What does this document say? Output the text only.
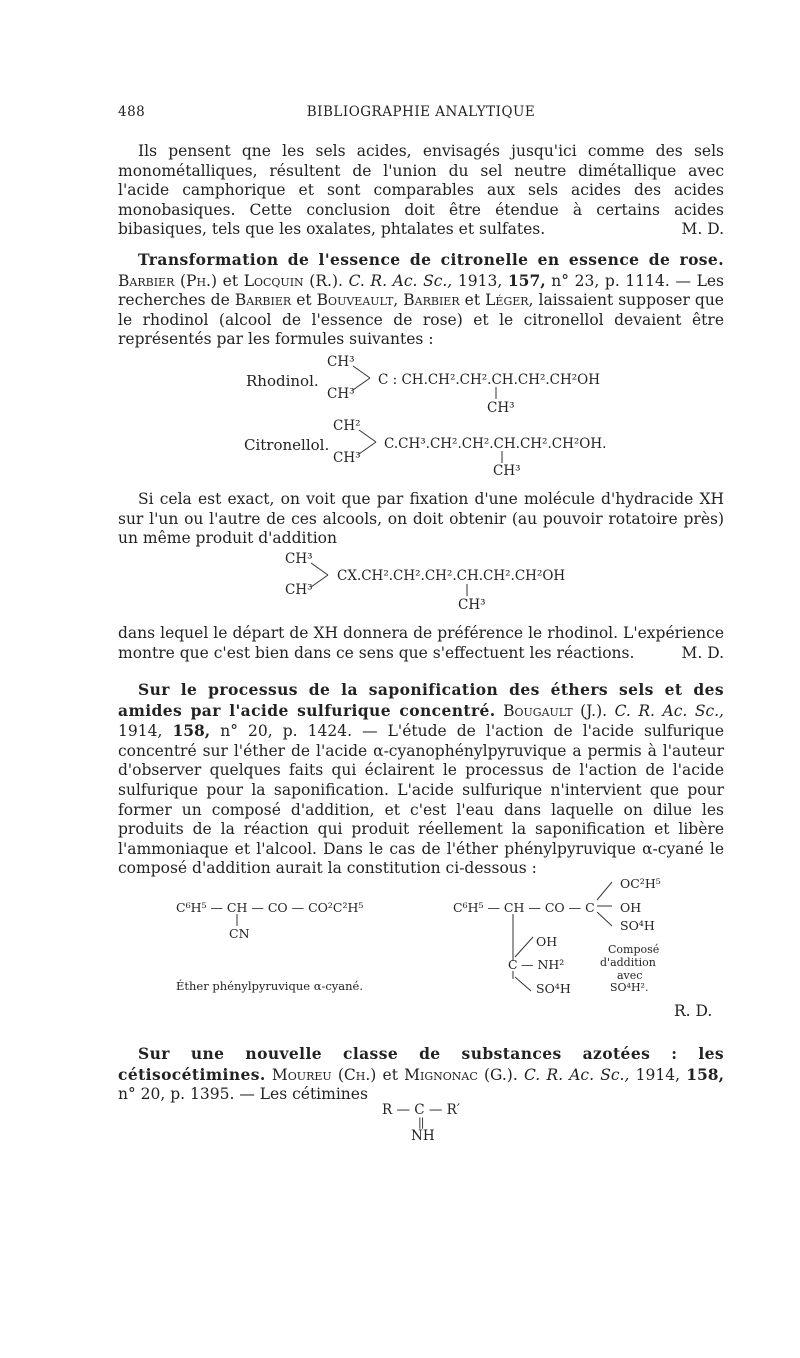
488	BIBLIOGRAPHIE ANALYTIQUE

Ils pensent qne les sels acides, envisagés jusqu'ici comme des sels monométalliques, résultent de l'union du sel neutre dimétallique avec l'acide camphorique et sont comparables aux sels acides des acides monobasiques. Cette conclusion doit être étendue à certains acides bibasiques, tels que les oxalates, phtalates et sulfates.	M. D.

Transformation de l'essence de citronelle en essence de rose. Barbier (Ph.) et Locquin (R.). C. R. Ac. Sc., 1913, 157, n° 23, p. 1114. — Les recherches de Barbier et Bouveault, Barbier et Léger, laissaient supposer que le rhodinol (alcool de l'essence de rose) et le citronellol devaient être représentés par les formules suivantes :

CH³
Rhodinol.	C : CH.CH².CH².CH.CH².CH²OH
CH³
CH³
CH²
Citronellol.	C.CH³.CH².CH².CH.CH².CH²OH.
CH³
CH³

Si cela est exact, on voit que par fixation d'une molécule d'hydracide XH sur l'un ou l'autre de ces alcools, on doit obtenir (au pouvoir rotatoire près) un même produit d'addition

CH³
CX.CH².CH².CH².CH.CH².CH²OH
CH³
CH³

dans lequel le départ de XH donnera de préférence le rhodinol. L'expérience montre que c'est bien dans ce sens que s'effectuent les réactions.	M. D.

Sur le processus de la saponification des éthers sels et des amides par l'acide sulfurique concentré. Bougault (J.). C. R. Ac. Sc., 1914, 158, n° 20, p. 1424. — L'étude de l'action de l'acide sulfurique concentré sur l'éther de l'acide α-cyanophénylpyruvique a permis à l'auteur d'observer quelques faits qui éclairent le processus de l'action de l'acide sulfurique pour la saponification. L'acide sulfurique n'intervient que pour former un composé d'addition, et c'est l'eau dans laquelle on dilue les produits de la réaction qui produit réellement la saponification et libère l'ammoniaque et l'alcool. Dans le cas de l'éther phénylpyruvique α-cyané le composé d'addition aurait la constitution ci-dessous :

C⁶H⁵ — CH — CO — CO²C²H⁵
CN
Éther phénylpyruvique α-cyané.
OC²H⁵
C⁶H⁵ — CH — CO — C OH
SO⁴H
OH
C — NH²
SO⁴H
Composé
d'addition
avec
SO⁴H².
R. D.

Sur une nouvelle classe de substances azotées : les cétisocétimines. Moureu (Ch.) et Mignonac (G.). C. R. Ac. Sc., 1914, 158, n° 20, p. 1395. — Les cétimines

R — C — R′
||
NH
